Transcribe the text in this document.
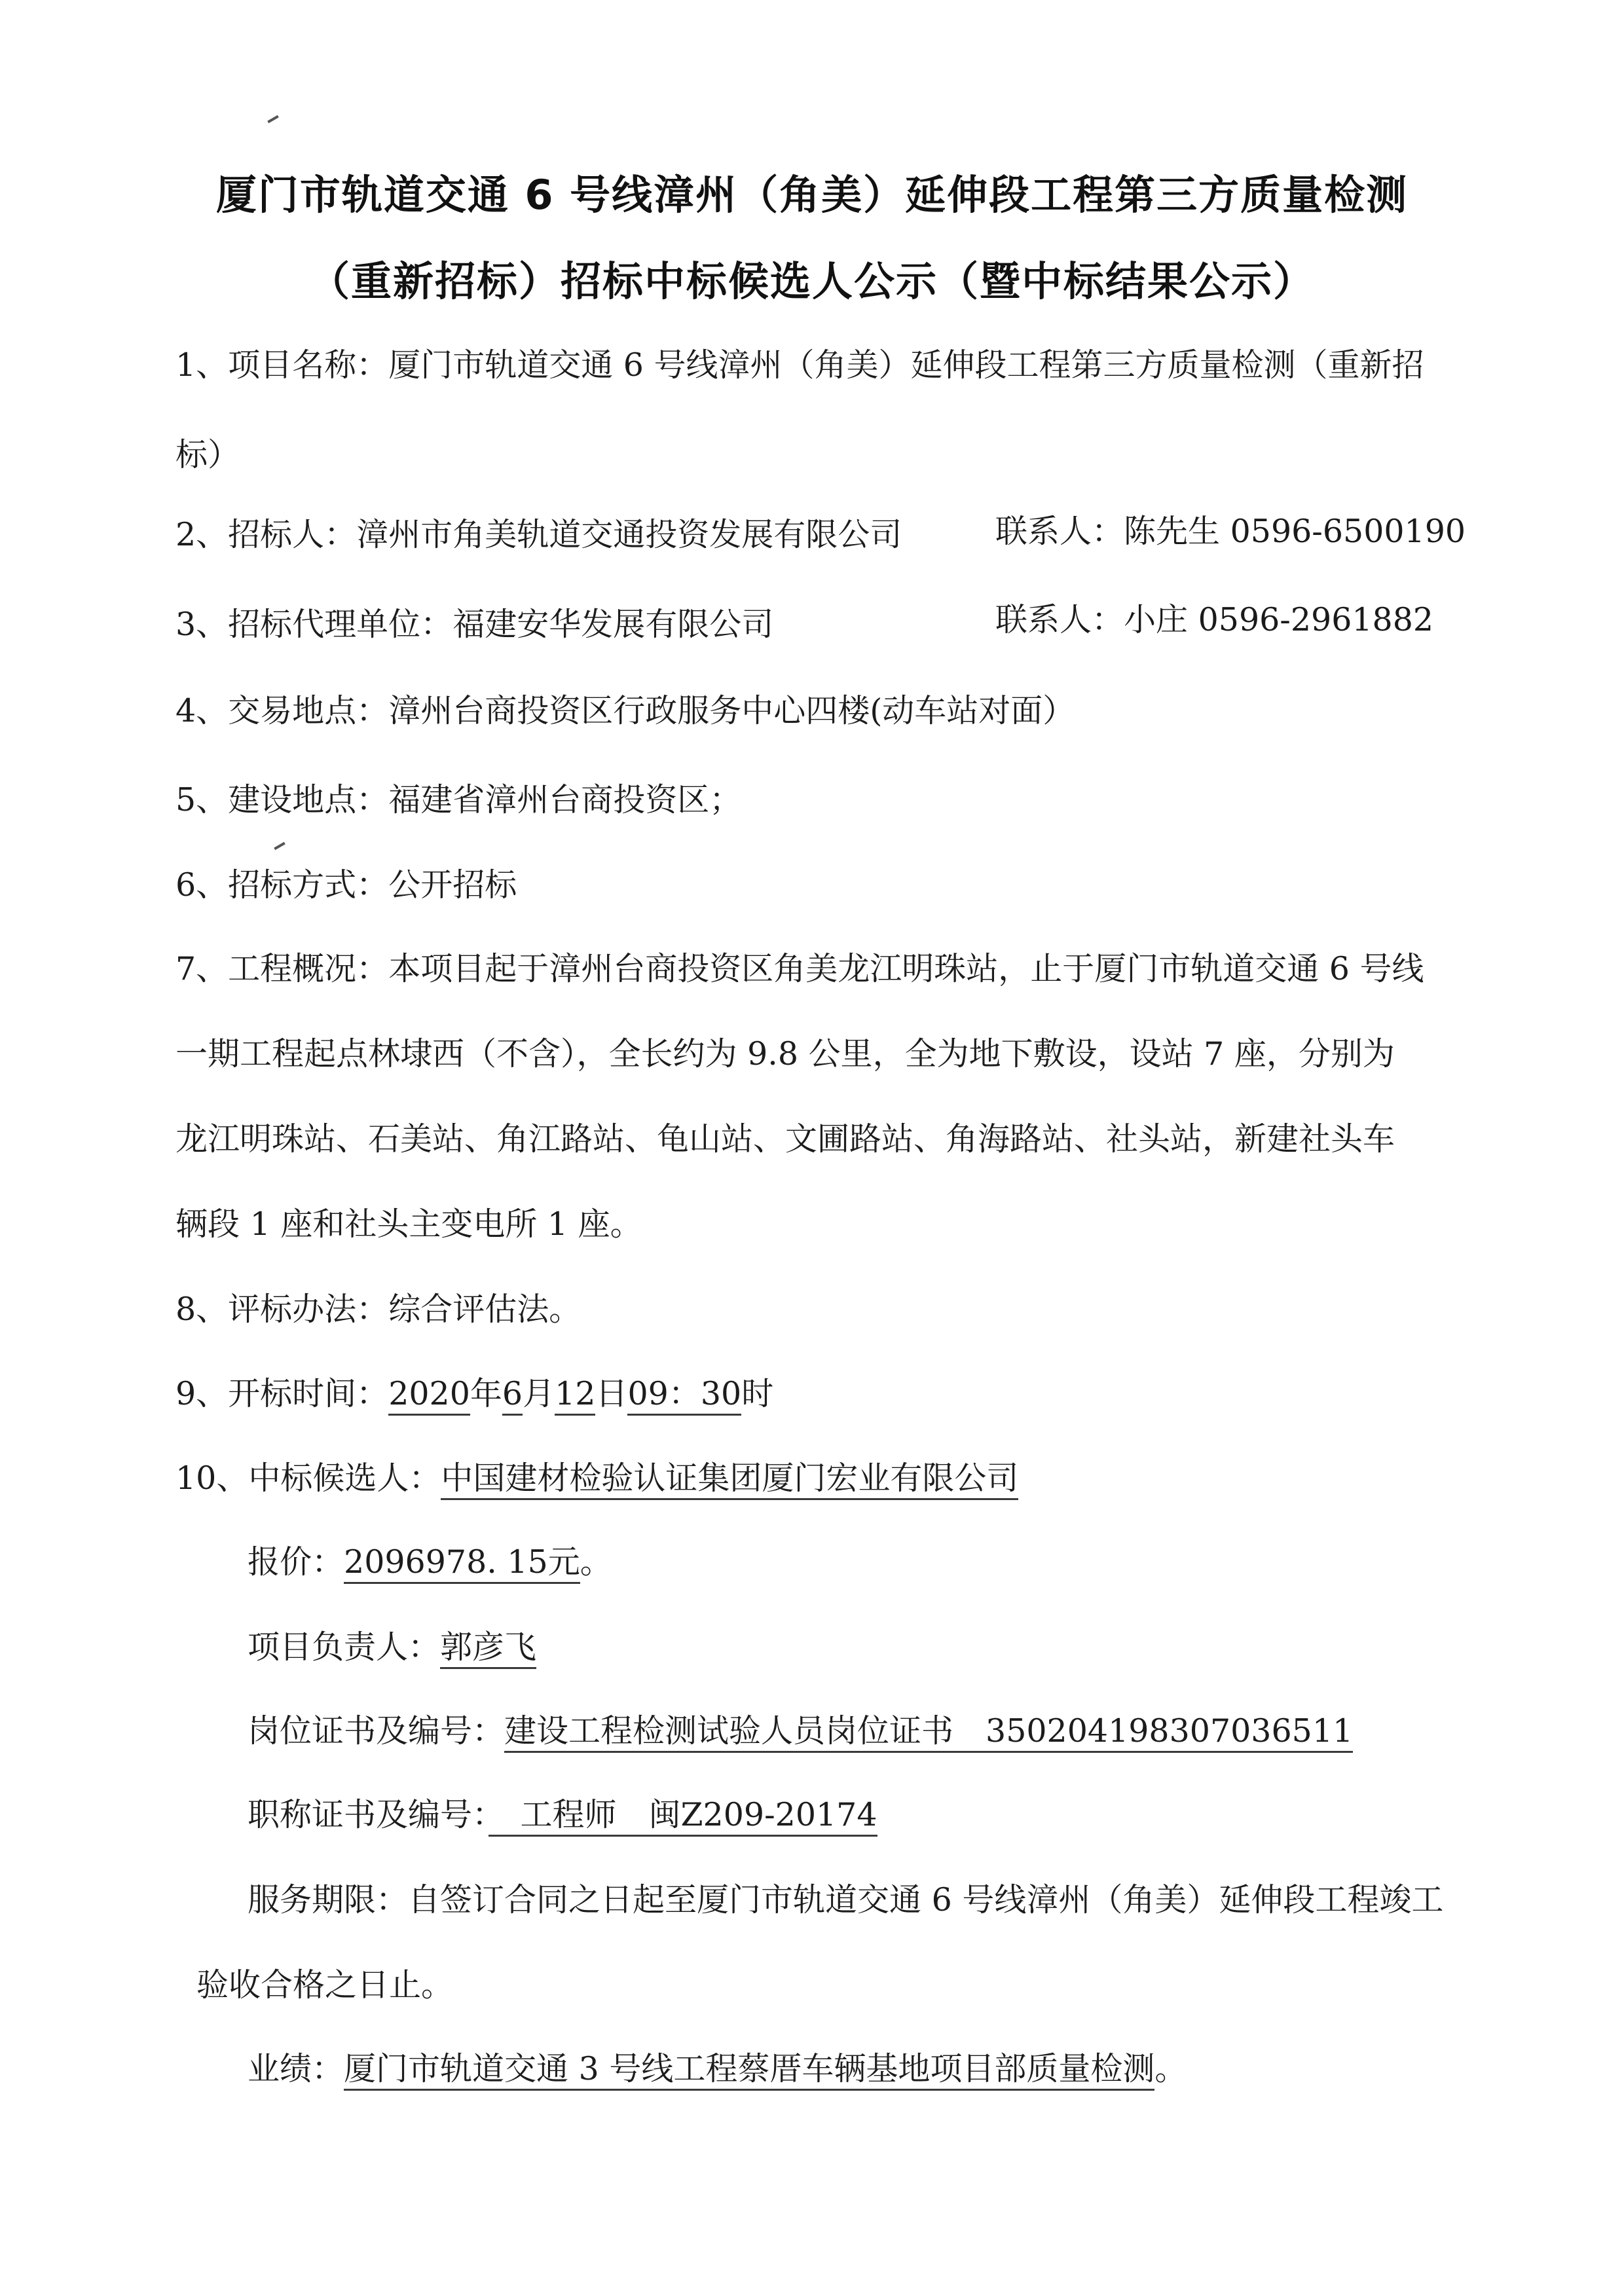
厦门市轨道交通 6 号线漳州（角美）延伸段工程第三方质量检测
（重新招标）招标中标候选人公示（暨中标结果公示）
1、项目名称：厦门市轨道交通 6 号线漳州（角美）延伸段工程第三方质量检测（重新招
标）
2、招标人：漳州市角美轨道交通投资发展有限公司	联系人：陈先生 0596-6500190
3、招标代理单位：福建安华发展有限公司	联系人：小庄 0596-2961882
4、交易地点：漳州台商投资区行政服务中心四楼(动车站对面）
5、建设地点：福建省漳州台商投资区；
6、招标方式：公开招标
7、工程概况：本项目起于漳州台商投资区角美龙江明珠站，止于厦门市轨道交通 6 号线
一期工程起点林埭西（不含），全长约为 9.8 公里，全为地下敷设，设站 7 座，分别为
龙江明珠站、石美站、角江路站、龟山站、文圃路站、角海路站、社头站，新建社头车
辆段 1 座和社头主变电所 1 座。
8、评标办法：综合评估法。
9、开标时间：2020年6月12日09：30时
10、中标候选人：中国建材检验认证集团厦门宏业有限公司
报价：2096978. 15元。
项目负责人：郭彦飞
岗位证书及编号：建设工程检测试验人员岗位证书　350204198307036511
职称证书及编号：　工程师　闽Z209-20174
服务期限：自签订合同之日起至厦门市轨道交通 6 号线漳州（角美）延伸段工程竣工
验收合格之日止。
业绩：厦门市轨道交通 3 号线工程蔡厝车辆基地项目部质量检测。
